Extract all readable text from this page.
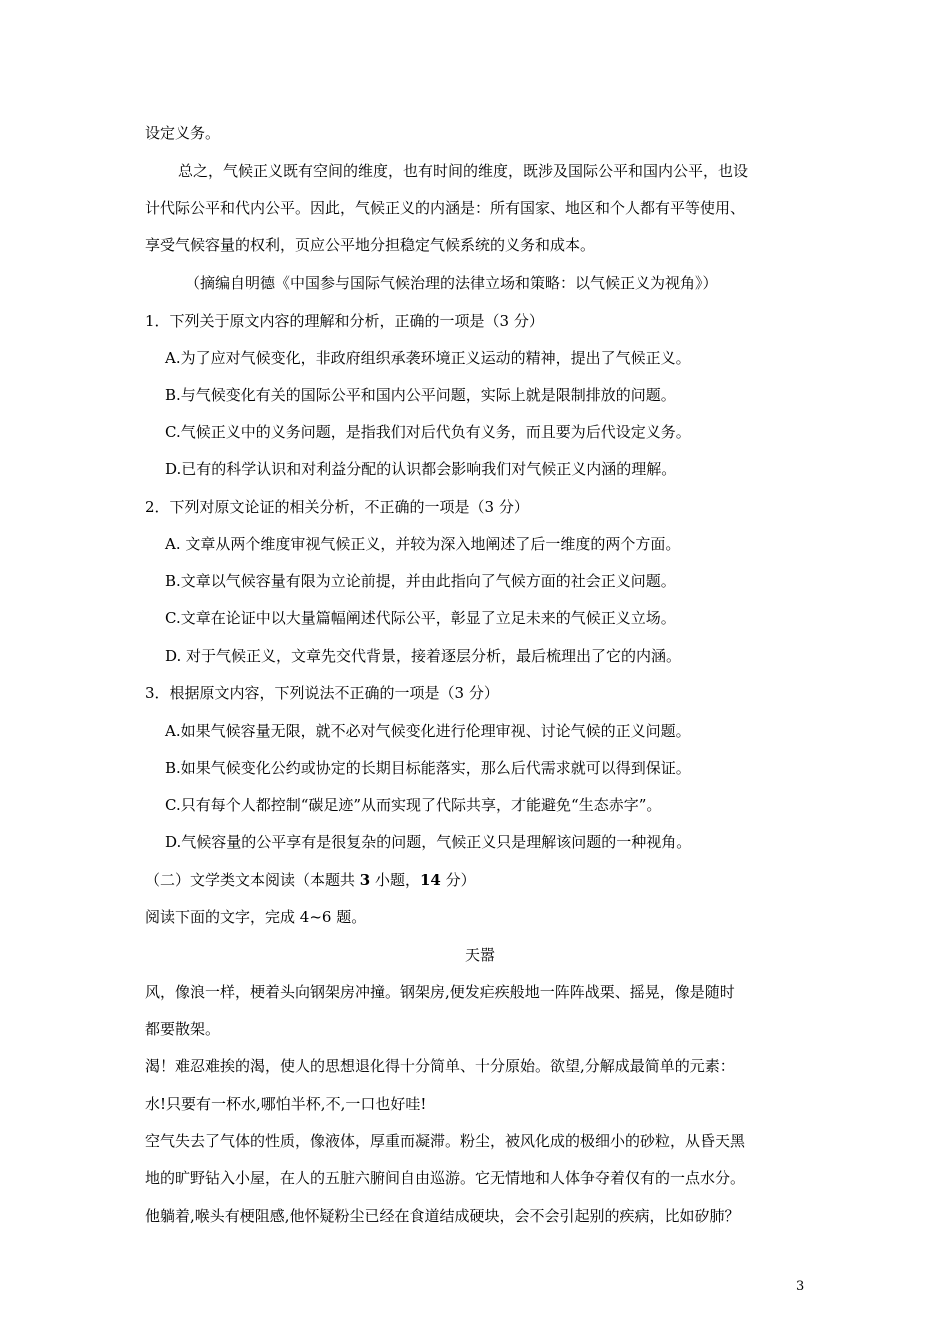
设定义务。
总之，气候正义既有空间的维度，也有时间的维度，既涉及国际公平和国内公平，也设
计代际公平和代内公平。因此，气候正义的内涵是：所有国家、地区和个人都有平等使用、
享受气候容量的权利，页应公平地分担稳定气候系统的义务和成本。
（摘编自明德《中国参与国际气候治理的法律立场和策略：以气候正义为视角》）
1．下列关于原文内容的理解和分析，正确的一项是（3 分）
A.为了应对气候变化，非政府组织承袭环境正义运动的精神，提出了气候正义。
B.与气候变化有关的国际公平和国内公平问题，实际上就是限制排放的问题。
C.气候正义中的义务问题，是指我们对后代负有义务，而且要为后代设定义务。
D.已有的科学认识和对利益分配的认识都会影响我们对气候正义内涵的理解。
2．下列对原文论证的相关分析，不正确的一项是（3 分）
A. 文章从两个维度审视气候正义，并较为深入地阐述了后一维度的两个方面。
B.文章以气候容量有限为立论前提，并由此指向了气候方面的社会正义问题。
C.文章在论证中以大量篇幅阐述代际公平，彰显了立足未来的气候正义立场。
D. 对于气候正义，文章先交代背景，接着逐层分析，最后梳理出了它的内涵。
3．根据原文内容，下列说法不正确的一项是（3 分）
A.如果气候容量无限，就不必对气候变化进行伦理审视、讨论气候的正义问题。
B.如果气候变化公约或协定的长期目标能落实，那么后代需求就可以得到保证。
C.只有每个人都控制“碳足迹”从而实现了代际共享，才能避免“生态赤字”。
D.气候容量的公平享有是很复杂的问题，气候正义只是理解该问题的一种视角。
（二）文学类文本阅读（本题共 3 小题，14 分）
阅读下面的文字，完成 4~6 题。
天嚣
风，像浪一样，梗着头向钢架房冲撞。钢架房,便发疟疾般地一阵阵战栗、摇晃，像是随时
都要散架。
渴！难忍难挨的渴，使人的思想退化得十分简单、十分原始。欲望,分解成最简单的元素：
水!只要有一杯水,哪怕半杯,不,一口也好哇!
空气失去了气体的性质，像液体，厚重而凝滞。粉尘，被风化成的极细小的砂粒，从昏天黑
地的旷野钻入小屋，在人的五脏六腑间自由巡游。它无情地和人体争夺着仅有的一点水分。
他躺着,喉头有梗阻感,他怀疑粉尘已经在食道结成硬块，会不会引起别的疾病，比如矽肺？
3
